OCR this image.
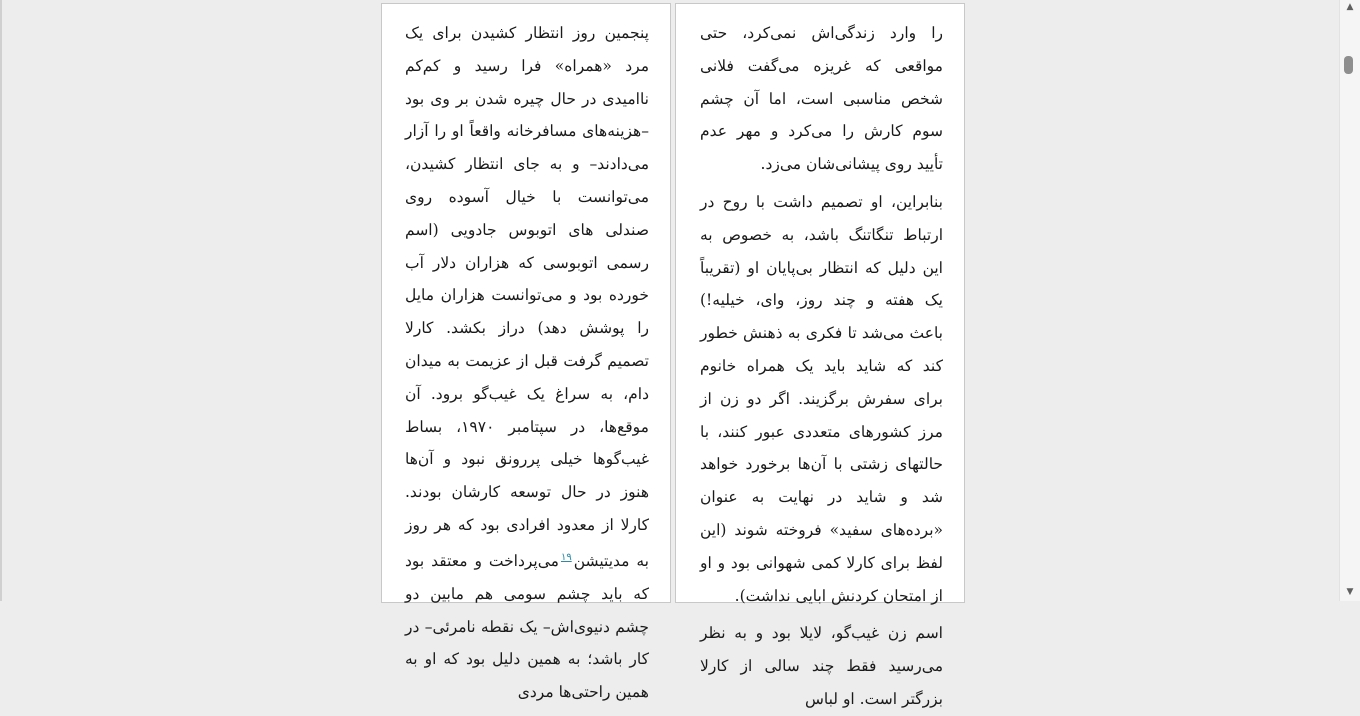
پنجمین روز انتظار کشیدن برای یک مرد «همراه» فرا رسید و کم‌کم ناامیدی در حال چیره شدن بر وی بود –هزینه‌های مسافرخانه واقعاً او را آزار می‌دادند– و به جای انتظار کشیدن، می‌توانست با خیال آسوده روی صندلی های اتوبوس جادویی (اسم رسمی اتوبوسی که هزاران دلار آب خورده بود و می‌توانست هزاران مایل را پوشش دهد) دراز بکشد. کارلا تصمیم گرفت قبل از عزیمت به میدان دام، به سراغ یک غیب‌گو برود. آن موقع‌ها، در سپتامبر ۱۹۷۰، بساط غیب‌گوها خیلی پررونق نبود و آن‌ها هنوز در حال توسعه کارشان بودند. کارلا از معدود افرادی بود که هر روز به مدیتیشن$^{۱۹}$می‌پرداخت و معتقد بود که باید چشم سومی هم مابین دو چشم دنیوی‌اش– یک نقطه نامرئی– در کار باشد؛ به همین دلیل بود که او به همین راحتی‌ها مردی

را وارد زندگی‌اش نمی‌کرد، حتی مواقعی که غریزه می‌گفت فلانی شخص مناسبی است، اما آن چشم سوم کارش را می‌کرد و مهر عدم تأیید روی پیشانی‌شان می‌زد.

بنابراین، او تصمیم داشت با روح در ارتباط تنگاتنگ باشد، به خصوص به این دلیل که انتظار بی‌پایان او (تقریباً یک هفته و چند روز، وای، خیلیه!) باعث می‌شد تا فکری به ذهنش خطور کند که شاید باید یک همراه خانوم برای سفرش برگزیند. اگر دو زن از مرز کشورهای متعددی عبور کنند، با حالتهای زشتی با آن‌ها برخورد خواهد شد و شاید در نهایت به عنوان «برده‌های سفید» فروخته شوند (این لفظ برای کارلا کمی شهوانی بود و او از امتحان کردنش ابایی نداشت).

اسم زن غیب‌گو، لایلا بود و به نظر می‌رسید فقط چند سالی از کارلا بزرگتر است. او لباس

▲
▼
